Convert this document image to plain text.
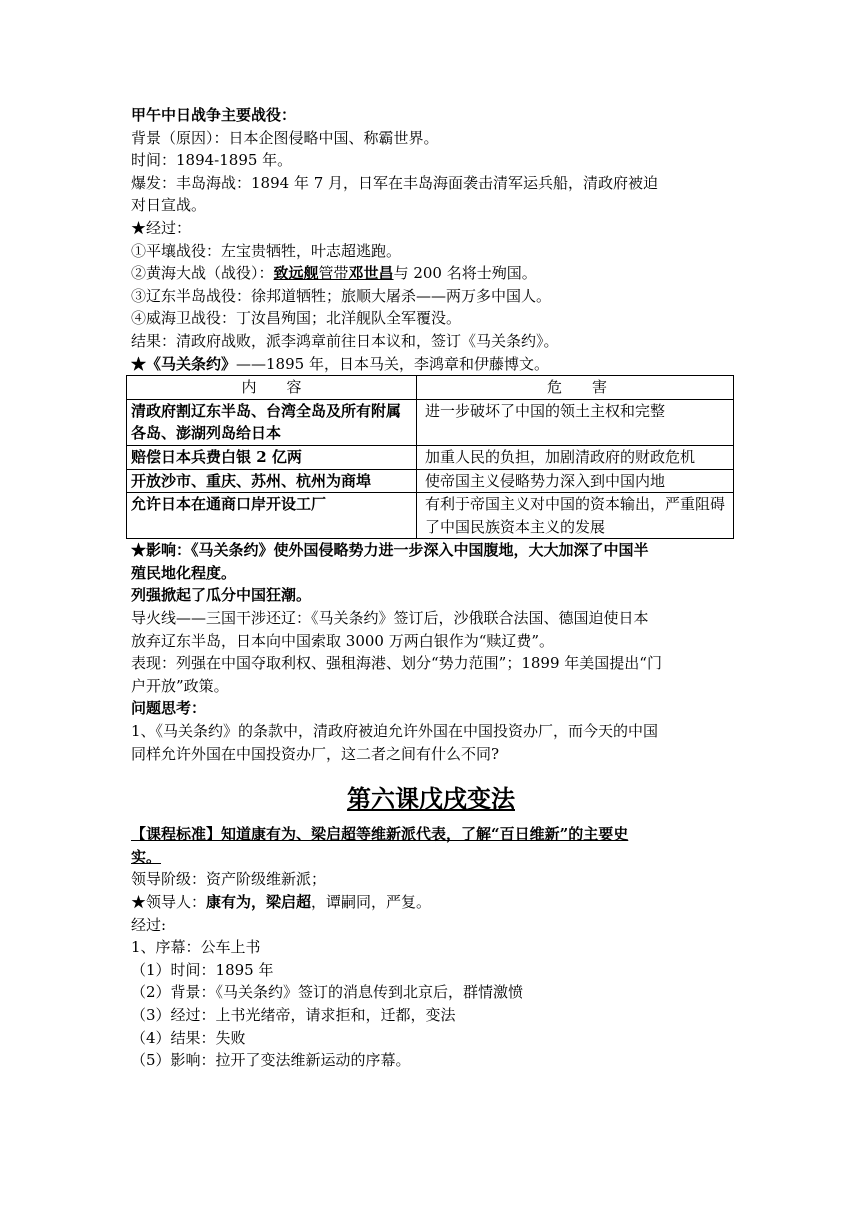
甲午中日战争主要战役：
背景（原因）：日本企图侵略中国、称霸世界。
时间：1894-1895 年。
爆发：丰岛海战：1894 年 7 月，日军在丰岛海面袭击清军运兵船，清政府被迫
对日宣战。
★经过：
①平壤战役：左宝贵牺牲，叶志超逃跑。
②黄海大战（战役）：致远舰管带邓世昌与 200 名将士殉国。
③辽东半岛战役：徐邦道牺牲；旅顺大屠杀——两万多中国人。
④威海卫战役：丁汝昌殉国；北洋舰队全军覆没。
结果：清政府战败，派李鸿章前往日本议和，签订《马关条约》。
★《马关条约》——1895 年，日本马关，李鸿章和伊藤博文。
内　　容	危　　害
清政府割辽东半岛、台湾全岛及所有附属各岛、澎湖列岛给日本	进一步破坏了中国的领土主权和完整
赔偿日本兵费白银 2 亿两	加重人民的负担，加剧清政府的财政危机
开放沙市、重庆、苏州、杭州为商埠	使帝国主义侵略势力深入到中国内地
允许日本在通商口岸开设工厂	有利于帝国主义对中国的资本输出，严重阻碍了中国民族资本主义的发展
★影响：《马关条约》使外国侵略势力进一步深入中国腹地，大大加深了中国半
殖民地化程度。
列强掀起了瓜分中国狂潮。
导火线——三国干涉还辽：《马关条约》签订后，沙俄联合法国、德国迫使日本
放弃辽东半岛，日本向中国索取 3000 万两白银作为“赎辽费”。
表现：列强在中国夺取利权、强租海港、划分“势力范围”；1899 年美国提出“门
户开放”政策。
问题思考：
1、《马关条约》的条款中，清政府被迫允许外国在中国投资办厂，而今天的中国
同样允许外国在中国投资办厂，这二者之间有什么不同?
第六课戊戌变法
【课程标准】知道康有为、梁启超等维新派代表，了解“百日维新”的主要史
实。
领导阶级：资产阶级维新派；
★领导人：康有为，梁启超，谭嗣同，严复。
经过:
1、序幕：公车上书
（1）时间：1895 年
（2）背景：《马关条约》签订的消息传到北京后，群情激愤
（3）经过：上书光绪帝，请求拒和，迁都，变法
（4）结果：失败
（5）影响：拉开了变法维新运动的序幕。
